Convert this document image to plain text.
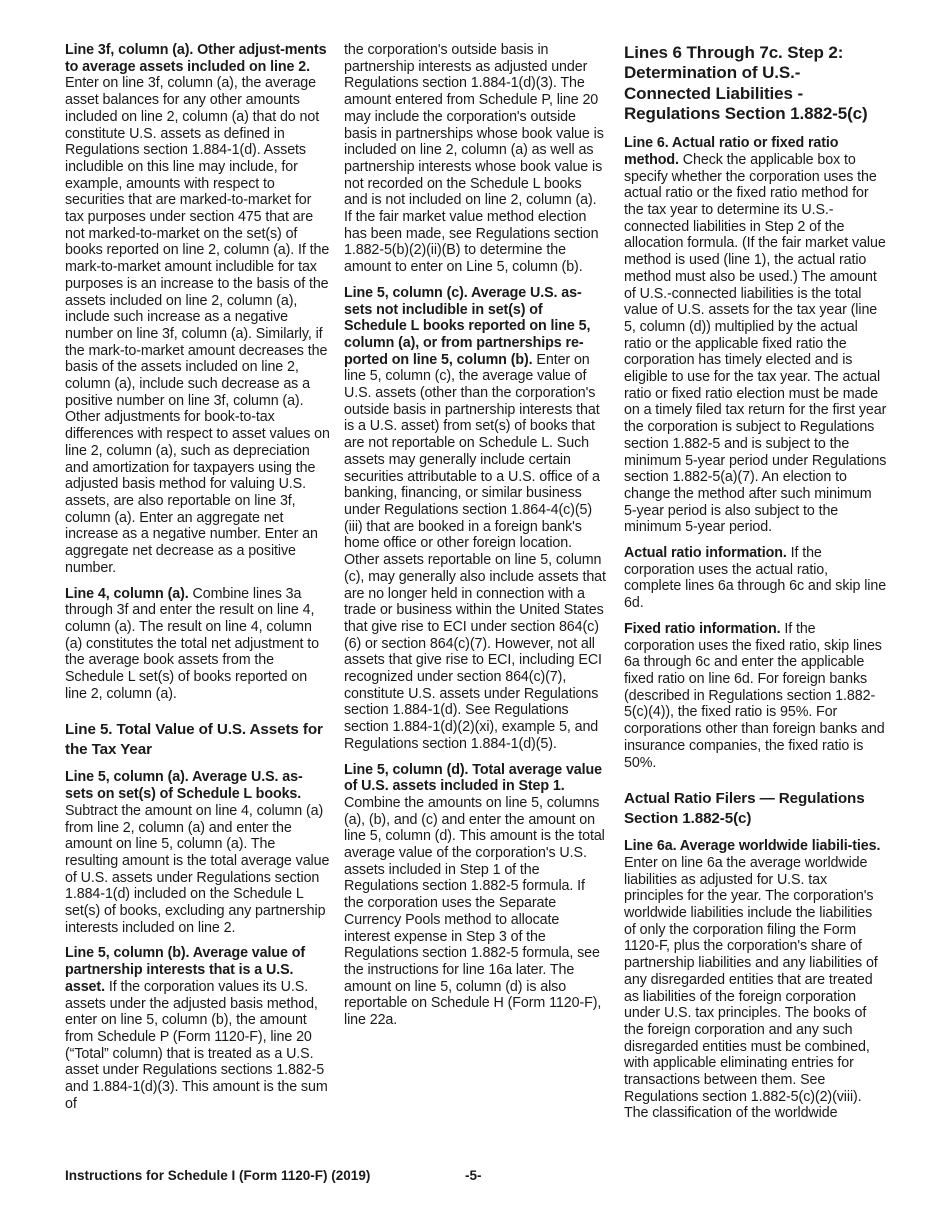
Line 3f, column (a). Other adjust-ments to average assets included on line 2. Enter on line 3f, column (a), the average asset balances for any other amounts included on line 2, column (a) that do not constitute U.S. assets as defined in Regulations section 1.884-1(d). Assets includible on this line may include, for example, amounts with respect to securities that are marked-to-market for tax purposes under section 475 that are not marked-to-market on the set(s) of books reported on line 2, column (a). If the mark-to-market amount includible for tax purposes is an increase to the basis of the assets included on line 2, column (a), include such increase as a negative number on line 3f, column (a). Similarly, if the mark-to-market amount decreases the basis of the assets included on line 2, column (a), include such decrease as a positive number on line 3f, column (a). Other adjustments for book-to-tax differences with respect to asset values on line 2, column (a), such as depreciation and amortization for taxpayers using the adjusted basis method for valuing U.S. assets, are also reportable on line 3f, column (a). Enter an aggregate net increase as a negative number. Enter an aggregate net decrease as a positive number.

Line 4, column (a). Combine lines 3a through 3f and enter the result on line 4, column (a). The result on line 4, column (a) constitutes the total net adjustment to the average book assets from the Schedule L set(s) of books reported on line 2, column (a).

Line 5. Total Value of U.S. Assets for the Tax Year

Line 5, column (a). Average U.S. as-sets on set(s) of Schedule L books. Subtract the amount on line 4, column (a) from line 2, column (a) and enter the amount on line 5, column (a). The resulting amount is the total average value of U.S. assets under Regulations section 1.884-1(d) included on the Schedule L set(s) of books, excluding any partnership interests included on line 2.

Line 5, column (b). Average value of partnership interests that is a U.S. asset. If the corporation values its U.S. assets under the adjusted basis method, enter on line 5, column (b), the amount from Schedule P (Form 1120-F), line 20 (“Total” column) that is treated as a U.S. asset under Regulations sections 1.882-5 and 1.884-1(d)(3). This amount is the sum of

the corporation's outside basis in partnership interests as adjusted under Regulations section 1.884-1(d)(3). The amount entered from Schedule P, line 20 may include the corporation's outside basis in partnerships whose book value is included on line 2, column (a) as well as partnership interests whose book value is not recorded on the Schedule L books and is not included on line 2, column (a). If the fair market value method election has been made, see Regulations section 1.882-5(b)(2)(ii)(B) to determine the amount to enter on Line 5, column (b).

Line 5, column (c). Average U.S. as-sets not includible in set(s) of Schedule L books reported on line 5, column (a), or from partnerships re-ported on line 5, column (b). Enter on line 5, column (c), the average value of U.S. assets (other than the corporation's outside basis in partnership interests that is a U.S. asset) from set(s) of books that are not reportable on Schedule L. Such assets may generally include certain securities attributable to a U.S. office of a banking, financing, or similar business under Regulations section 1.864-4(c)(5)(iii) that are booked in a foreign bank's home office or other foreign location. Other assets reportable on line 5, column (c), may generally also include assets that are no longer held in connection with a trade or business within the United States that give rise to ECI under section 864(c)(6) or section 864(c)(7). However, not all assets that give rise to ECI, including ECI recognized under section 864(c)(7), constitute U.S. assets under Regulations section 1.884-1(d). See Regulations section 1.884-1(d)(2)(xi), example 5, and Regulations section 1.884-1(d)(5).

Line 5, column (d). Total average value of U.S. assets included in Step 1. Combine the amounts on line 5, columns (a), (b), and (c) and enter the amount on line 5, column (d). This amount is the total average value of the corporation's U.S. assets included in Step 1 of the Regulations section 1.882-5 formula. If the corporation uses the Separate Currency Pools method to allocate interest expense in Step 3 of the Regulations section 1.882-5 formula, see the instructions for line 16a later. The amount on line 5, column (d) is also reportable on Schedule H (Form 1120-F), line 22a.

Lines 6 Through 7c. Step 2: Determination of U.S.-Connected Liabilities - Regulations Section 1.882-5(c)

Line 6. Actual ratio or fixed ratio method. Check the applicable box to specify whether the corporation uses the actual ratio or the fixed ratio method for the tax year to determine its U.S.-connected liabilities in Step 2 of the allocation formula. (If the fair market value method is used (line 1), the actual ratio method must also be used.) The amount of U.S.-connected liabilities is the total value of U.S. assets for the tax year (line 5, column (d)) multiplied by the actual ratio or the applicable fixed ratio the corporation has timely elected and is eligible to use for the tax year. The actual ratio or fixed ratio election must be made on a timely filed tax return for the first year the corporation is subject to Regulations section 1.882-5 and is subject to the minimum 5-year period under Regulations section 1.882-5(a)(7). An election to change the method after such minimum 5-year period is also subject to the minimum 5-year period.

Actual ratio information. If the corporation uses the actual ratio, complete lines 6a through 6c and skip line 6d.

Fixed ratio information. If the corporation uses the fixed ratio, skip lines 6a through 6c and enter the applicable fixed ratio on line 6d. For foreign banks (described in Regulations section 1.882-5(c)(4)), the fixed ratio is 95%. For corporations other than foreign banks and insurance companies, the fixed ratio is 50%.

Actual Ratio Filers — Regulations Section 1.882-5(c)

Line 6a. Average worldwide liabili-ties. Enter on line 6a the average worldwide liabilities as adjusted for U.S. tax principles for the year. The corporation's worldwide liabilities include the liabilities of only the corporation filing the Form 1120-F, plus the corporation's share of partnership liabilities and any liabilities of any disregarded entities that are treated as liabilities of the foreign corporation under U.S. tax principles. The books of the foreign corporation and any such disregarded entities must be combined, with applicable eliminating entries for transactions between them. See Regulations section 1.882-5(c)(2)(viii). The classification of the worldwide

Instructions for Schedule I (Form 1120-F) (2019)	-5-
